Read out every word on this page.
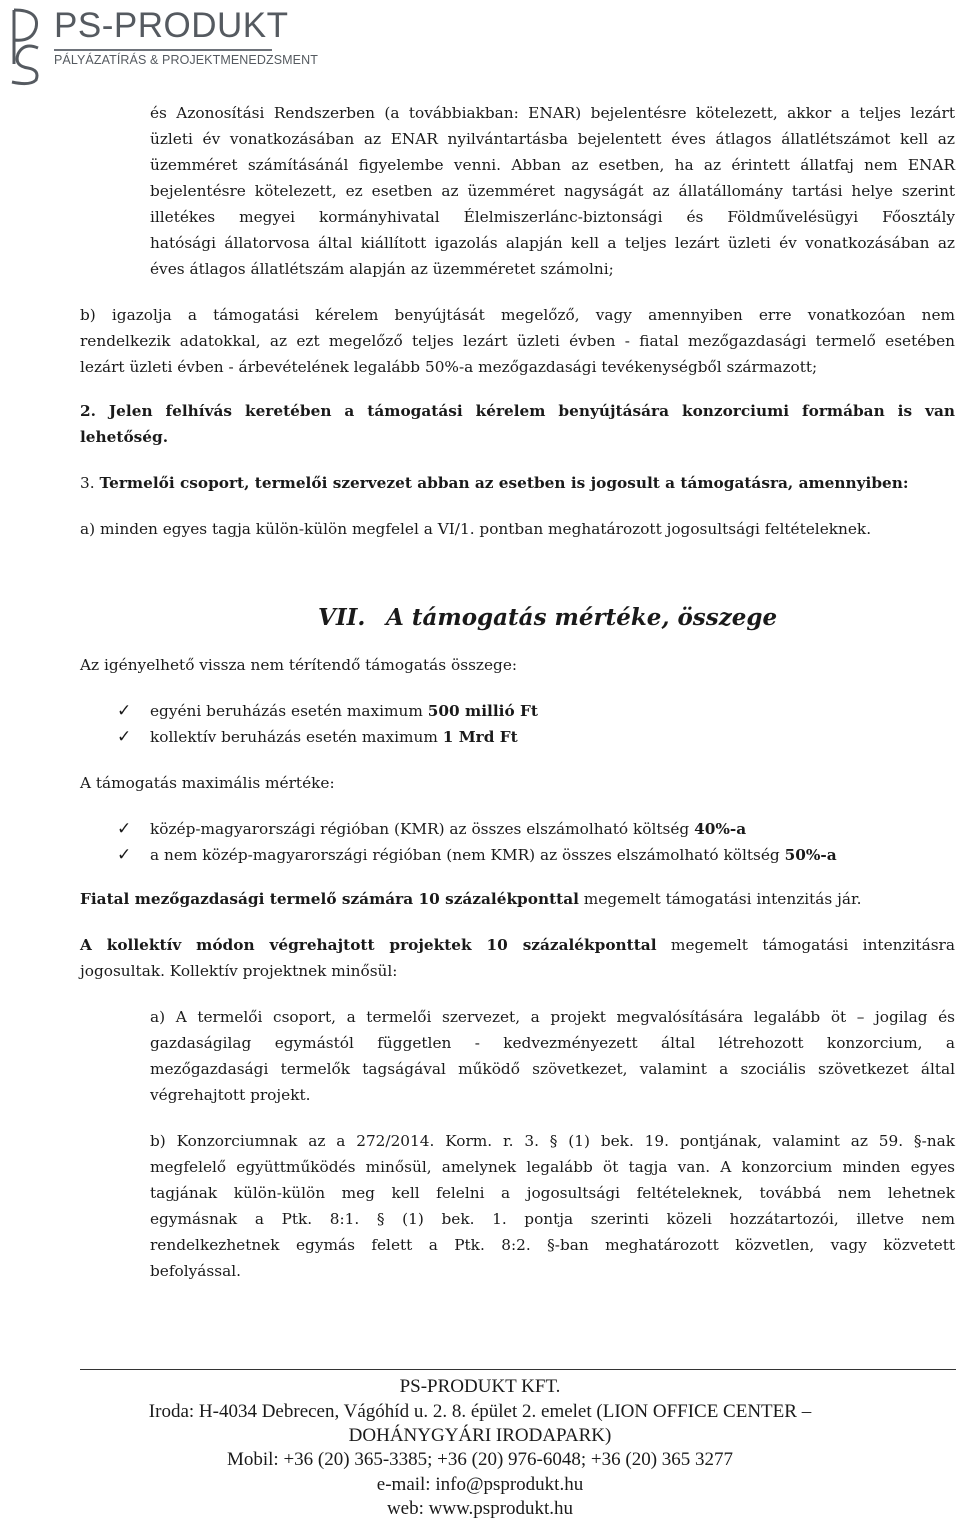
PS-PRODUKT
PÁLYÁZATÍRÁS & PROJEKTMENEDZSMENT
és Azonosítási Rendszerben (a továbbiakban: ENAR) bejelentésre kötelezett, akkor a teljes lezárt
üzleti év vonatkozásában az ENAR nyilvántartásba bejelentett éves átlagos állatlétszámot kell az
üzemméret számításánál figyelembe venni. Abban az esetben, ha az érintett állatfaj nem ENAR
bejelentésre kötelezett, ez esetben az üzemméret nagyságát az állatállomány tartási helye szerint
illetékes megyei kormányhivatal Élelmiszerlánc-biztonsági és Földművelésügyi Főosztály
hatósági állatorvosa által kiállított igazolás alapján kell a teljes lezárt üzleti év vonatkozásában az
éves átlagos állatlétszám alapján az üzemméretet számolni;
b) igazolja a támogatási kérelem benyújtását megelőző, vagy amennyiben erre vonatkozóan nem
rendelkezik adatokkal, az ezt megelőző teljes lezárt üzleti évben - fiatal mezőgazdasági termelő esetében
lezárt üzleti évben - árbevételének legalább 50%-a mezőgazdasági tevékenységből származott;
2. Jelen felhívás keretében a támogatási kérelem benyújtására konzorciumi formában is van
lehetőség.
3. Termelői csoport, termelői szervezet abban az esetben is jogosult a támogatásra, amennyiben:
a) minden egyes tagja külön-külön megfelel a VI/1. pontban meghatározott jogosultsági feltételeknek.
VII. A támogatás mértéke, összege
Az igényelhető vissza nem térítendő támogatás összege:
✓ egyéni beruházás esetén maximum 500 millió Ft
✓ kollektív beruházás esetén maximum 1 Mrd Ft
A támogatás maximális mértéke:
✓ közép-magyarországi régióban (KMR) az összes elszámolható költség 40%-a
✓ a nem közép-magyarországi régióban (nem KMR) az összes elszámolható költség 50%-a
Fiatal mezőgazdasági termelő számára 10 százalékponttal megemelt támogatási intenzitás jár.
A kollektív módon végrehajtott projektek 10 százalékponttal megemelt támogatási intenzitásra
jogosultak. Kollektív projektnek minősül:
a) A termelői csoport, a termelői szervezet, a projekt megvalósítására legalább öt – jogilag és
gazdaságilag egymástól független - kedvezményezett által létrehozott konzorcium, a
mezőgazdasági termelők tagságával működő szövetkezet, valamint a szociális szövetkezet által
végrehajtott projekt.
b) Konzorciumnak az a 272/2014. Korm. r. 3. § (1) bek. 19. pontjának, valamint az 59. §-nak
megfelelő együttműködés minősül, amelynek legalább öt tagja van. A konzorcium minden egyes
tagjának külön-külön meg kell felelni a jogosultsági feltételeknek, továbbá nem lehetnek
egymásnak a Ptk. 8:1. § (1) bek. 1. pontja szerinti közeli hozzátartozói, illetve nem
rendelkezhetnek egymás felett a Ptk. 8:2. §-ban meghatározott közvetlen, vagy közvetett
befolyással.
PS-PRODUKT KFT.
Iroda: H-4034 Debrecen, Vágóhíd u. 2. 8. épület 2. emelet (LION OFFICE CENTER –
DOHÁNYGYÁRI IRODAPARK)
Mobil: +36 (20) 365-3385; +36 (20) 976-6048; +36 (20) 365 3277
e-mail: info@psprodukt.hu
web: www.psprodukt.hu
